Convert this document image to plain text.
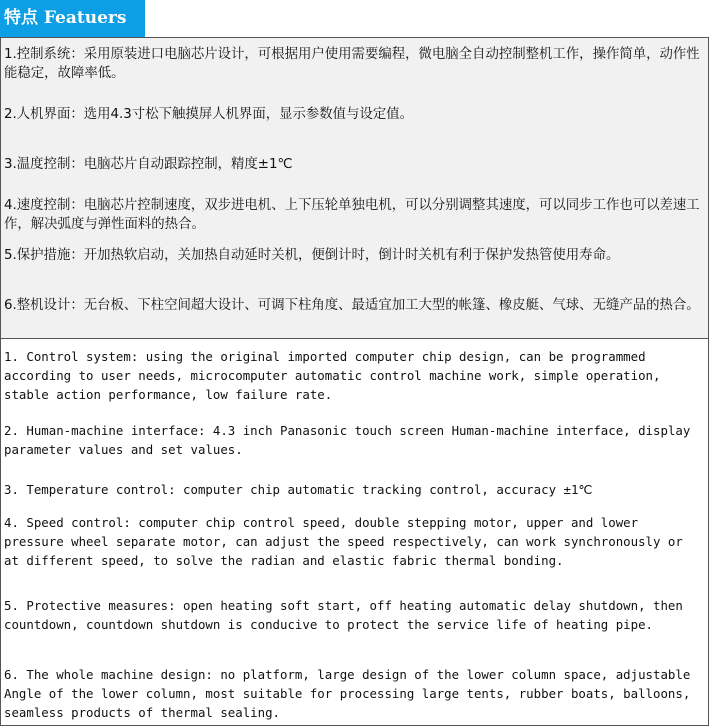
特点 Featuers

1.控制系统：采用原装进口电脑芯片设计，可根据用户使用需要编程，微电脑全自动控制整机工作，操作简单，动作性能稳定，故障率低。

2.人机界面：选用4.3寸松下触摸屏人机界面，显示参数值与设定值。

3.温度控制：电脑芯片自动跟踪控制，精度±1℃

4.速度控制：电脑芯片控制速度，双步进电机、上下压轮单独电机，可以分别调整其速度，可以同步工作也可以差速工作，解决弧度与弹性面料的热合。

5.保护措施：开加热软启动，关加热自动延时关机，便倒计时，倒计时关机有利于保护发热管使用寿命。

6.整机设计：无台板、下柱空间超大设计、可调下柱角度、最适宜加工大型的帐篷、橡皮艇、气球、无缝产品的热合。

1. Control system: using the original imported computer chip design, can be programmed according to user needs, microcomputer automatic control machine work, simple operation, stable action performance, low failure rate.

2. Human-machine interface: 4.3 inch Panasonic touch screen Human-machine interface, display parameter values and set values.

3. Temperature control: computer chip automatic tracking control, accuracy ±1℃

4. Speed control: computer chip control speed, double stepping motor, upper and lower pressure wheel separate motor, can adjust the speed respectively, can work synchronously or at different speed, to solve the radian and elastic fabric thermal bonding.

5. Protective measures: open heating soft start, off heating automatic delay shutdown, then countdown, countdown shutdown is conducive to protect the service life of heating pipe.

6. The whole machine design: no platform, large design of the lower column space, adjustable Angle of the lower column, most suitable for processing large tents, rubber boats, balloons, seamless products of thermal sealing.
